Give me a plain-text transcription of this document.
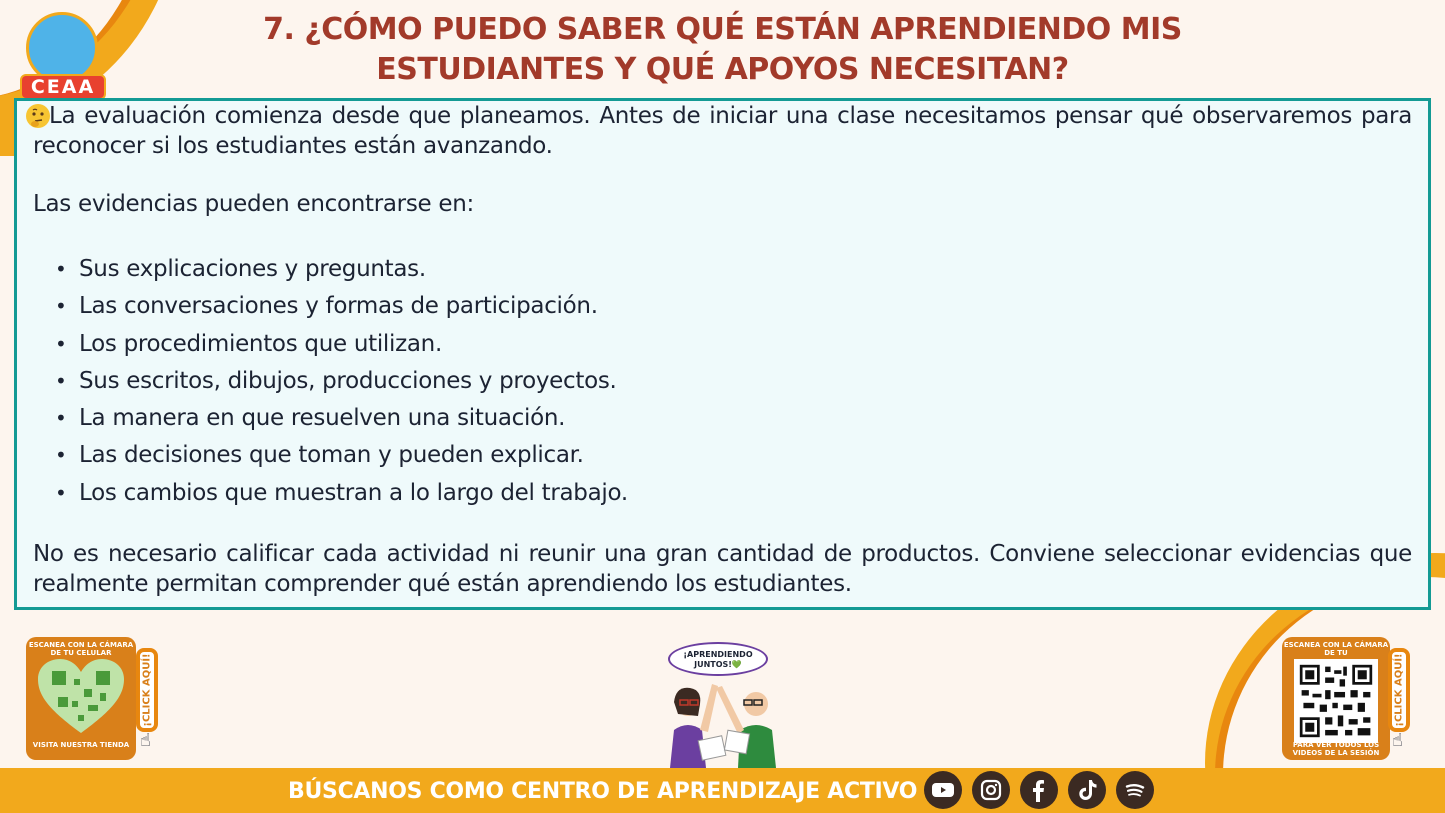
CEAA
7. ¿CÓMO PUEDO SABER QUÉ ESTÁN APRENDIENDO MIS
ESTUDIANTES Y QUÉ APOYOS NECESITAN?
La evaluación comienza desde que planeamos. Antes de iniciar una clase necesitamos pensar qué observaremos para reconocer si los estudiantes están avanzando.
Las evidencias pueden encontrarse en:
• Sus explicaciones y preguntas.
• Las conversaciones y formas de participación.
• Los procedimientos que utilizan.
• Sus escritos, dibujos, producciones y proyectos.
• La manera en que resuelven una situación.
• Las decisiones que toman y pueden explicar.
• Los cambios que muestran a lo largo del trabajo.
No es necesario calificar cada actividad ni reunir una gran cantidad de productos. Conviene seleccionar evidencias que realmente permitan comprender qué están aprendiendo los estudiantes.
ESCANEA CON LA CÁMARA DE TU CELULAR
VISITA NUESTRA TIENDA
¡CLICK AQUÍ!
☝
¡APRENDIENDO JUNTOS!💚
ESCANEA CON LA CÁMARA DE TU
PARA VER TODOS LOS VIDEOS DE LA SESIÓN
¡CLICK AQUÍ!
☝
BÚSCANOS COMO CENTRO DE APRENDIZAJE ACTIVO
